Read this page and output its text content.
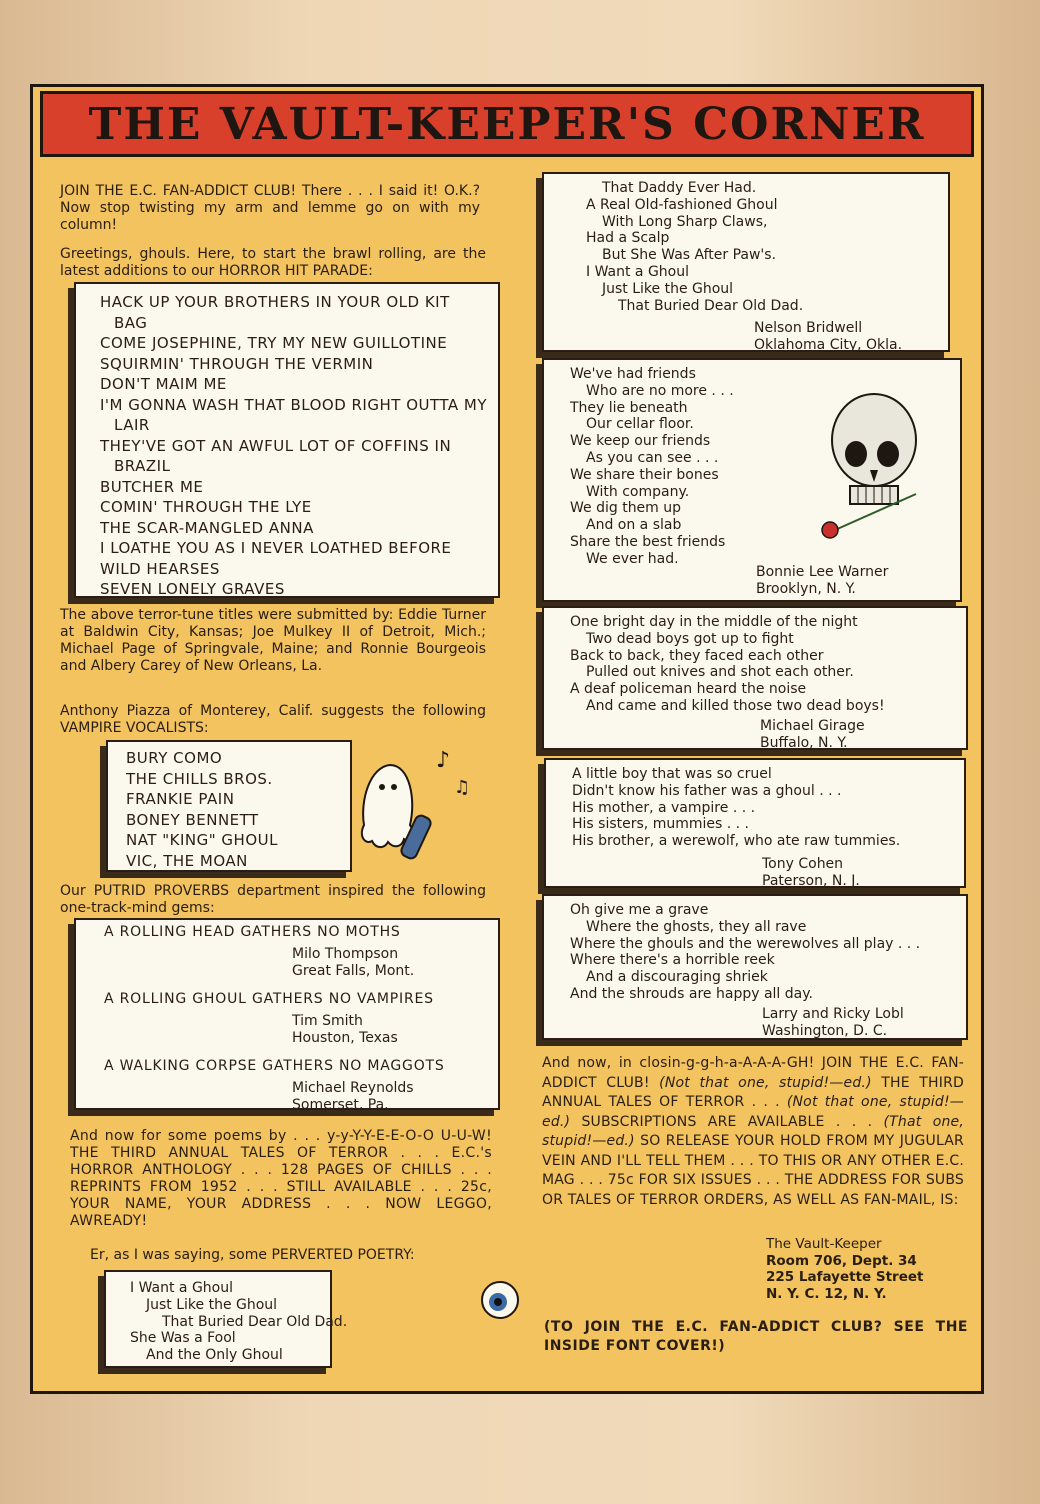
THE VAULT-KEEPER'S CORNER

JOIN THE E.C. FAN-ADDICT CLUB! There . . . I said it! O.K.? Now stop twisting my arm and lemme go on with my column!

Greetings, ghouls. Here, to start the brawl rolling, are the latest additions to our HORROR HIT PARADE:

HACK UP YOUR BROTHERS IN YOUR OLD KIT BAG
COME JOSEPHINE, TRY MY NEW GUILLOTINE
SQUIRMIN' THROUGH THE VERMIN
DON'T MAIM ME
I'M GONNA WASH THAT BLOOD RIGHT OUTTA MY LAIR
THEY'VE GOT AN AWFUL LOT OF COFFINS IN BRAZIL
BUTCHER ME
COMIN' THROUGH THE LYE
THE SCAR-MANGLED ANNA
I LOATHE YOU AS I NEVER LOATHED BEFORE
WILD HEARSES
SEVEN LONELY GRAVES

The above terror-tune titles were submitted by: Eddie Turner at Baldwin City, Kansas; Joe Mulkey II of Detroit, Mich.; Michael Page of Springvale, Maine; and Ronnie Bourgeois and Albery Carey of New Orleans, La.

Anthony Piazza of Monterey, Calif. suggests the following VAMPIRE VOCALISTS:

BURY COMO
THE CHILLS BROS.
FRANKIE PAIN
BONEY BENNETT
NAT "KING" GHOUL
VIC, THE MOAN
♪
♫

Our PUTRID PROVERBS department inspired the following one-track-mind gems:

A ROLLING HEAD GATHERS NO MOTHS
Milo Thompson
Great Falls, Mont.
A ROLLING GHOUL GATHERS NO VAMPIRES
Tim Smith
Houston, Texas
A WALKING CORPSE GATHERS NO MAGGOTS
Michael Reynolds
Somerset, Pa.

And now for some poems by . . . y-y-Y-Y-E-E-O-O U-U-W! THE THIRD ANNUAL TALES OF TERROR . . . E.C.'s HORROR ANTHOLOGY . . . 128 PAGES OF CHILLS . . . REPRINTS FROM 1952 . . . STILL AVAILABLE . . . 25c, YOUR NAME, YOUR ADDRESS . . . NOW LEGGO, AWREADY!

Er, as I was saying, some PERVERTED POETRY:

I Want a Ghoul
Just Like the Ghoul
That Buried Dear Old Dad.
She Was a Fool
And the Only Ghoul
That Daddy Ever Had.
A Real Old-fashioned Ghoul
With Long Sharp Claws,
Had a Scalp
But She Was After Paw's.
I Want a Ghoul
Just Like the Ghoul
That Buried Dear Old Dad.
Nelson Bridwell
Oklahoma City, Okla.
We've had friends
Who are no more . . .
They lie beneath
Our cellar floor.
We keep our friends
As you can see . . .
We share their bones
With company.
We dig them up
And on a slab
Share the best friends
We ever had.
Bonnie Lee Warner
Brooklyn, N. Y.
One bright day in the middle of the night
Two dead boys got up to fight
Back to back, they faced each other
Pulled out knives and shot each other.
A deaf policeman heard the noise
And came and killed those two dead boys!
Michael Girage
Buffalo, N. Y.
A little boy that was so cruel
Didn't know his father was a ghoul . . .
His mother, a vampire . . .
His sisters, mummies . . .
His brother, a werewolf, who ate raw tummies.
Tony Cohen
Paterson, N. J.
Oh give me a grave
Where the ghosts, they all rave
Where the ghouls and the werewolves all play . . .
Where there's a horrible reek
And a discouraging shriek
And the shrouds are happy all day.
Larry and Ricky Lobl
Washington, D. C.

And now, in closin-g-g-h-a-A-A-A-GH! JOIN THE E.C. FAN-ADDICT CLUB! (Not that one, stupid!—ed.) THE THIRD ANNUAL TALES OF TERROR . . . (Not that one, stupid!—ed.) SUBSCRIPTIONS ARE AVAILABLE . . . (That one, stupid!—ed.) SO RELEASE YOUR HOLD FROM MY JUGULAR VEIN AND I'LL TELL THEM . . . TO THIS OR ANY OTHER E.C. MAG . . . 75c FOR SIX ISSUES . . . THE ADDRESS FOR SUBS OR TALES OF TERROR ORDERS, AS WELL AS FAN-MAIL, IS:

The Vault-Keeper
Room 706, Dept. 34
225 Lafayette Street
N. Y. C. 12, N. Y.

(TO JOIN THE E.C. FAN-ADDICT CLUB? SEE THE INSIDE FONT COVER!)
